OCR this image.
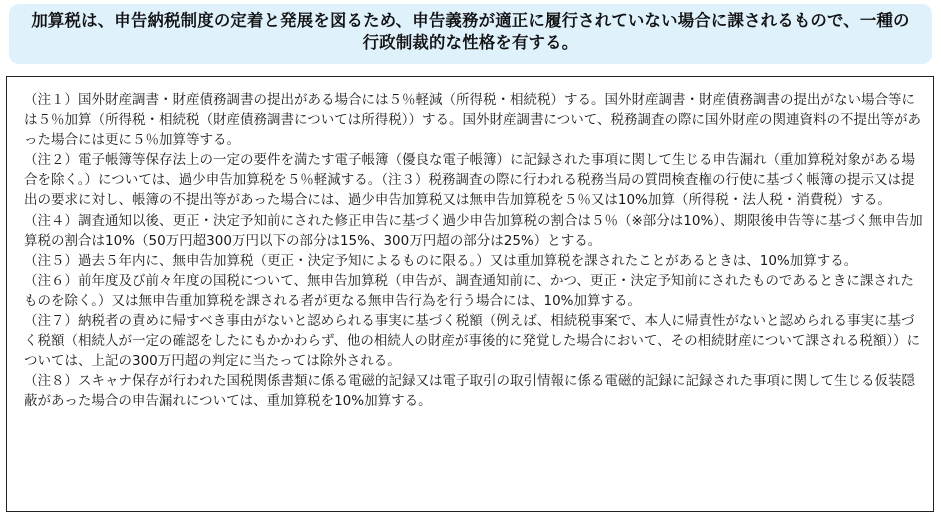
加算税は、申告納税制度の定着と発展を図るため、申告義務が適正に履行されていない場合に課されるもので、一種の行政制裁的な性格を有する。

（注１）国外財産調書・財産債務調書の提出がある場合には５％軽減（所得税・相続税）する。国外財産調書・財産債務調書の提出がない場合等には５％加算（所得税・相続税（財産債務調書については所得税））する。国外財産調書について、税務調査の際に国外財産の関連資料の不提出等があった場合には更に５％加算等する。

（注２）電子帳簿等保存法上の一定の要件を満たす電子帳簿（優良な電子帳簿）に記録された事項に関して生じる申告漏れ（重加算税対象がある場合を除く。）については、過少申告加算税を５％軽減する。（注３）税務調査の際に行われる税務当局の質問検査権の行使に基づく帳簿の提示又は提出の要求に対し、帳簿の不提出等があった場合には、過少申告加算税又は無申告加算税を５％又は10%加算（所得税・法人税・消費税）する。

（注４）調査通知以後、更正・決定予知前にされた修正申告に基づく過少申告加算税の割合は５％（※部分は10%）、期限後申告等に基づく無申告加算税の割合は10%（50万円超300万円以下の部分は15%、300万円超の部分は25%）とする。

（注５）過去５年内に、無申告加算税（更正・決定予知によるものに限る。）又は重加算税を課されたことがあるときは、10%加算する。

（注６）前年度及び前々年度の国税について、無申告加算税（申告が、調査通知前に、かつ、更正・決定予知前にされたものであるときに課されたものを除く。）又は無申告重加算税を課される者が更なる無申告行為を行う場合には、10%加算する。

（注７）納税者の責めに帰すべき事由がないと認められる事実に基づく税額（例えば、相続税事案で、本人に帰責性がないと認められる事実に基づく税額（相続人が一定の確認をしたにもかかわらず、他の相続人の財産が事後的に発覚した場合において、その相続財産について課される税額））については、上記の300万円超の判定に当たっては除外される。

（注８）スキャナ保存が行われた国税関係書類に係る電磁的記録又は電子取引の取引情報に係る電磁的記録に記録された事項に関して生じる仮装隠蔽があった場合の申告漏れについては、重加算税を10%加算する。
